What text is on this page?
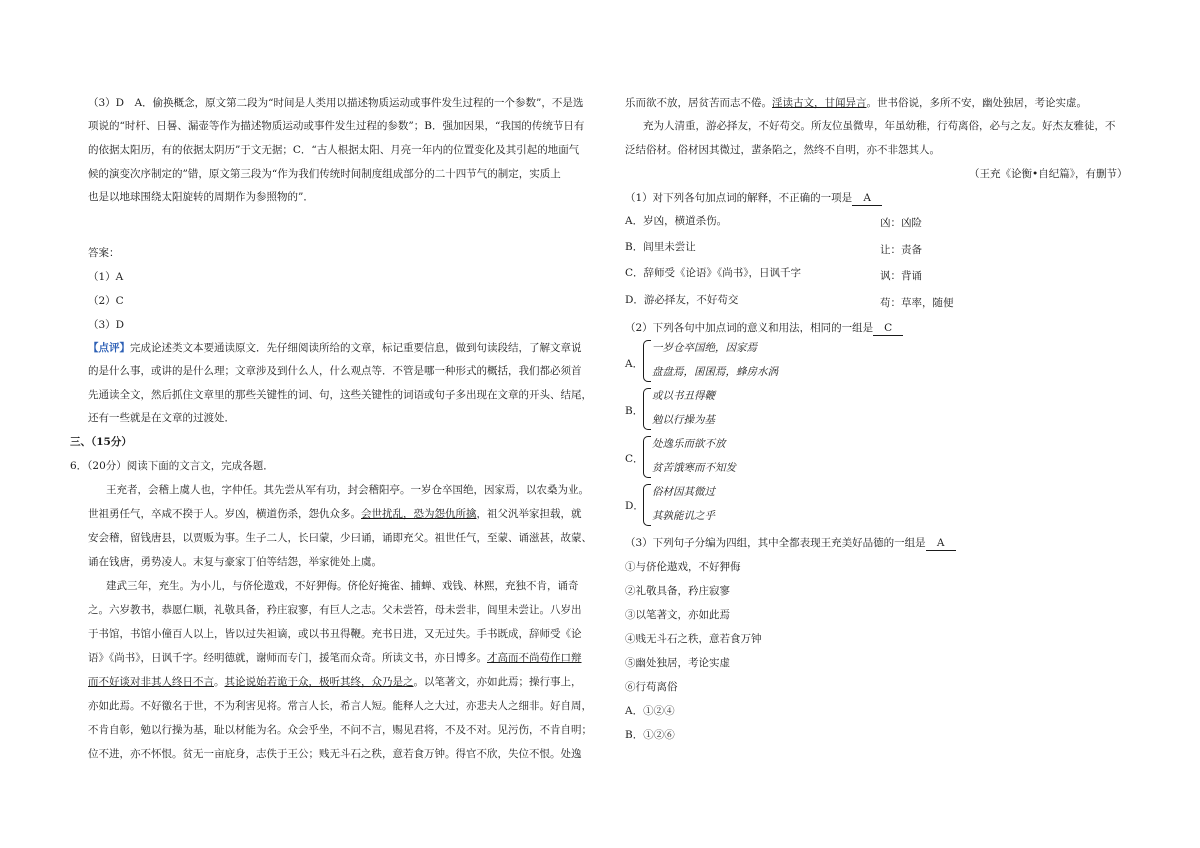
（3）D　A．偷换概念，原文第二段为“时间是人类用以描述物质运动或事件发生过程的一个参数”，不是选
项说的“时杆、日晷、漏壶等作为描述物质运动或事件发生过程的参数”；B．强加因果，“我国的传统节日有
的依据太阳历，有的依据太阴历”于文无据；C．“古人根据太阳、月亮一年内的位置变化及其引起的地面气
候的演变次序制定的”错，原文第三段为“作为我们传统时间制度组成部分的二十四节气的制定，实质上
也是以地球围绕太阳旋转的周期作为参照物的”．
答案：
（1）A
（2）C
（3）D
【点评】完成论述类文本要通读原文．先仔细阅读所给的文章，标记重要信息，做到句读段结，了解文章说
的是什么事，或讲的是什么理；文章涉及到什么人，什么观点等．不管是哪一种形式的概括，我们都必须首
先通读全文，然后抓住文章里的那些关键性的词、句，这些关键性的词语或句子多出现在文章的开头、结尾，
还有一些就是在文章的过渡处．
三、（15分）
6．（20分）阅读下面的文言文，完成各题．
王充者，会稽上虞人也，字仲任。其先尝从军有功，封会稽阳亭。一岁仓卒国绝，因家焉，以农桑为业。
世祖勇任气，卒咸不揆于人。岁凶，横道伤杀，怨仇众多。会世扰乱，恐为怨仇所擒，祖父汎举家担载，就
安会稽，留钱唐县，以贾贩为事。生子二人，长曰蒙，少曰诵，诵即充父。祖世任气，至蒙、诵滋甚，故蒙、
诵在钱唐，勇势凌人。末复与豪家丁伯等结怨，举家徙处上虞。
建武三年，充生。为小儿，与侪伦遨戏，不好狎侮。侪伦好掩雀、捕蝉、戏钱、林熙，充独不肯，诵奇
之。六岁教书，恭愿仁顺，礼敬具备，矜庄寂寥，有巨人之志。父未尝笞，母未尝非，闾里未尝让。八岁出
于书馆，书馆小僮百人以上，皆以过失袒谪，或以书丑得鞭。充书日进，又无过失。手书既成，辞师受《论
语》《尚书》，日讽千字。经明德就，谢师而专门，援笔而众奇。所读文书，亦日博多。才高而不尚苟作口辩
而不好谈对非其人终日不言。其论说始若诡于众，极听其终，众乃是之。以笔著文，亦如此焉；操行事上，
亦如此焉。不好徼名于世，不为利害见将。常言人长，希言人短。能释人之大过，亦悲夫人之细非。好自周，
不肯自彰，勉以行操为基，耻以材能为名。众会乎坐，不问不言，赐见君将，不及不对。见污伤，不肯自明；
位不进，亦不怀恨。贫无一亩庇身，志佚于王公；贱无斗石之秩，意若食万钟。得官不欣，失位不恨。处逸
乐而欲不放，居贫苦而志不倦。淫读古文，甘闻异言。世书俗说，多所不安，幽处独居，考论实虚。
充为人清重，游必择友，不好苟交。所友位虽微卑，年虽幼稚，行苟离俗，必与之友。好杰友雅徒，不
泛结俗材。俗材因其微过，蜚条陷之，然终不自明，亦不非怨其人。
（王充《论衡•自纪篇》，有删节）
（1）对下列各句加点词的解释，不正确的一项是 A
A．岁凶，横道杀伤。	凶：凶险
B．闾里未尝让	让：责备
C．辞师受《论语》《尚书》，日讽千字	讽：背诵
D．游必择友，不好苟交	苟：草率，随便
（2）下列各句中加点词的意义和用法，相同的一组是 C
A．
一岁仓卒国绝，因家焉
盘盘焉，囷囷焉，蜂房水涡
B．
或以书丑得鞭
勉以行操为基
C．
处逸乐而欲不放
贫苦饿寒而不知发
D．
俗材因其微过
其孰能讥之乎
（3）下列句子分编为四组，其中全都表现王充美好品德的一组是 A
①与侪伦遨戏，不好狎侮
②礼敬具备，矜庄寂寥
③以笔著文，亦如此焉
④贱无斗石之秩，意若食万钟
⑤幽处独居，考论实虚
⑥行苟离俗
A．①②④
B．①②⑥
